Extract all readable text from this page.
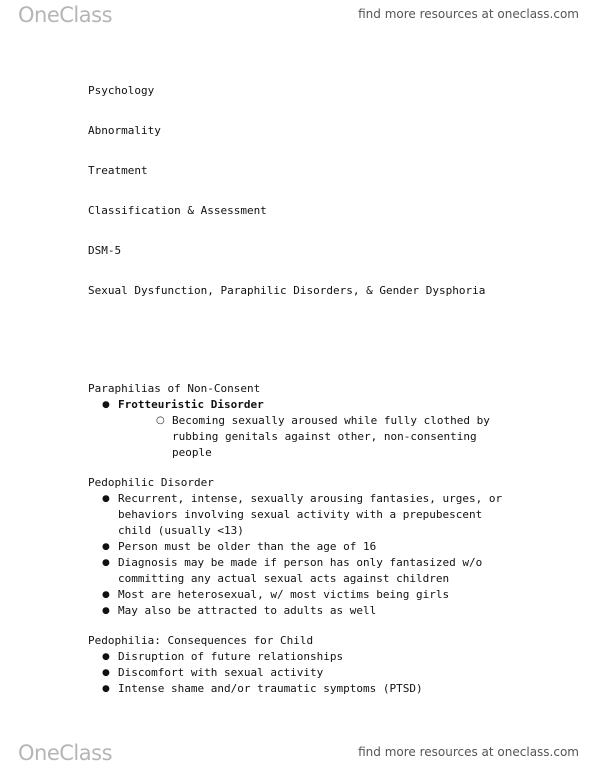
OneClass	find more resources at oneclass.com
Psychology
Abnormality
Treatment
Classification & Assessment
DSM-5
Sexual Dysfunction, Paraphilic Disorders, & Gender Dysphoria
Paraphilias of Non-Consent
● Frotteuristic Disorder
○ Becoming sexually aroused while fully clothed by rubbing genitals against other, non-consenting people
Pedophilic Disorder
● Recurrent, intense, sexually arousing fantasies, urges, or behaviors involving sexual activity with a prepubescent child (usually <13)
● Person must be older than the age of 16
● Diagnosis may be made if person has only fantasized w/o committing any actual sexual acts against children
● Most are heterosexual, w/ most victims being girls
● May also be attracted to adults as well
Pedophilia: Consequences for Child
● Disruption of future relationships
● Discomfort with sexual activity
● Intense shame and/or traumatic symptoms (PTSD)
OneClass	find more resources at oneclass.com
